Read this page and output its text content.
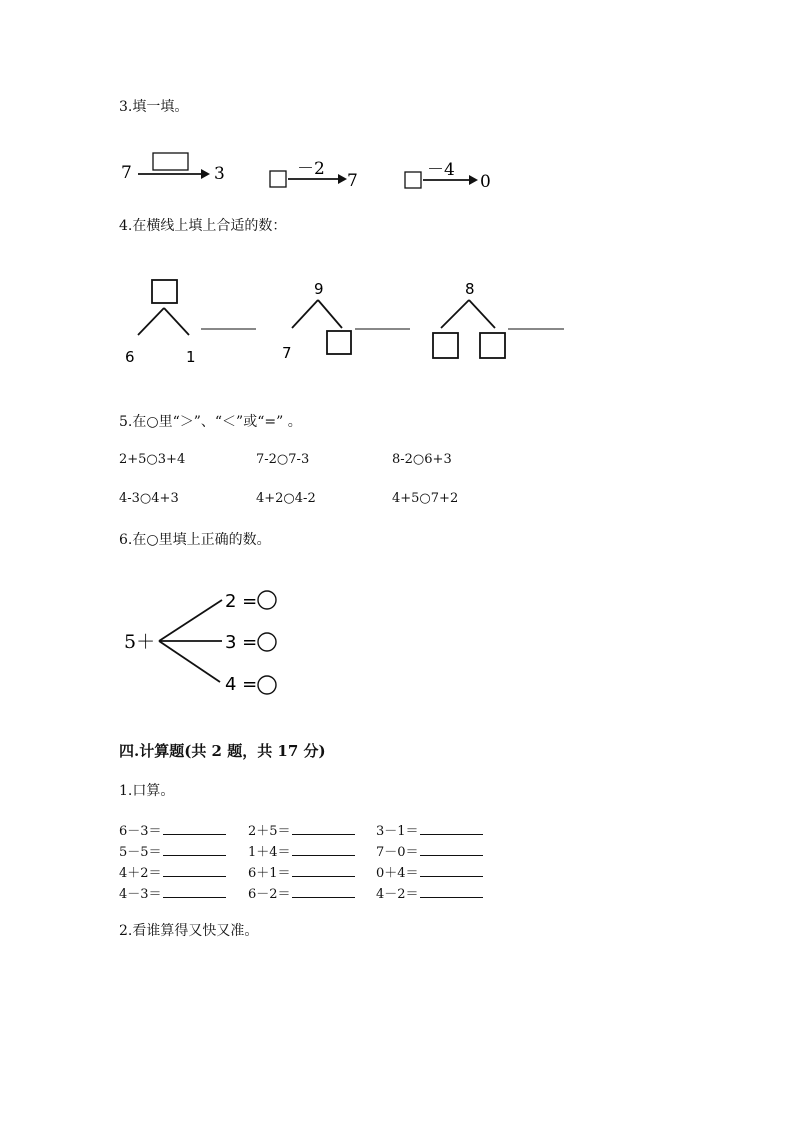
3.填一填。
7	3	－2
7
－4
0
4.在横线上填上合适的数：
6	1
9
7
8
5.在○里“＞”、“＜”或“=” 。
2+5○3+4	7-2○7-3	8-2○6+3
4-3○4+3	4+2○4-2	4+5○7+2
6.在○里填上正确的数。
5＋
2 =
3 =
4 =
四.计算题(共 2 题，共 17 分)
1.口算。
6－3＝	2＋5＝	3－1＝
5－5＝	1＋4＝	7－0＝
4＋2＝	6＋1＝	0＋4＝
4－3＝	6－2＝	4－2＝
2.看谁算得又快又准。
